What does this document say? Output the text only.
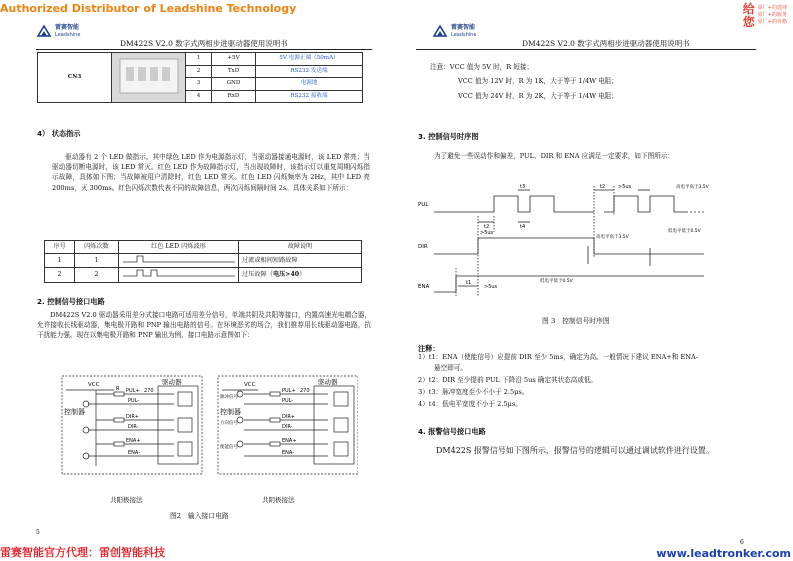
Authorized Distributor of Leadshine Technology
雷赛智能
Leadshine
DM422S V2.0 数字式两相步进驱动器使用说明书
雷赛智能
Leadshine
DM422S V2.0 数字式两相步进驱动器使用说明书
给
您
原厂+的选择
原厂+的服务
原厂+的价格
CN3		1	+5V	5V 电源正端（50mA）
		2	TxD	RS232 发送端
		3	GND	电源地
		4	RxD	RS232 接收端
4） 状态指示
驱动器有 2 个 LED 做指示。其中绿色 LED 作为电源指示灯，当驱动器接通电源时，该 LED 常亮；当驱动器切断电源时，该 LED 常灭。红色 LED 作为故障指示灯，当出现故障时，该指示灯以重复周期闪烁指示故障，具体如下图；当故障被用户清除时，红色 LED 常灭。红色 LED 闪烁频率为 2Hz，其中 LED 亮 200ms，灭 300ms。红色闪烁次数代表不同的故障信息，两次闪烁间隔时间 2s。具体关系如下所示：
序号	闪烁次数	红色 LED 闪烁波形	故障说明
1	1		过流或相间短路故障
2	2		过压故障（电压>40）
2. 控制信号接口电路
DM422S V2.0 驱动器采用差分式接口电路可适用差分信号，单端共阴及共阳等接口，内置高速光电耦合器，允许接收长线驱动器，集电极开路和 PNP 输出电路的信号。在环境恶劣的场合，我们推荐用长线驱动器电路，抗干扰能力强。现在以集电极开路和 PNP 输出为例，接口电路示意图如下：
VCC	驱动器
控制器
R	270
PUL+
PUL-
DIR+
DIR-
ENA+
ENA-
VCC	驱动器
控制器
脉冲信号
方向信号
使能信号
PUL+
PUL-
DIR+
DIR-
ENA+
ENA-
270
共阳极接法	共阴极接法
图2　输入接口电路
5
注意：VCC 值为 5V 时，R 短接；
VCC 值为 12V 时，R 为 1K，大于等于 1/4W 电阻；
VCC 值为 24V 时，R 为 2K，大于等于 1/4W 电阻；
3. 控制信号时序图
为了避免一些误动作和偏差，PUL、DIR 和 ENA 应满足一定要求，如下图所示：
PUL
DIR
ENA
t1
>5us
t2
>5us
t3
t4
t2	>5us	高电平高于3.5V
低电平低于0.5V
高电平高于3.5V
低电平低于0.5V
图 3　控制信号时序图
注释：
1）t1：ENA（使能信号）应提前 DIR 至少 5ms，确定为高。一般情况下建议 ENA+和 ENA-
悬空即可。
2）t2：DIR 至少提前 PUL 下降沿 5us 确定其状态高或低。
3）t3：脉冲宽度至少不小于 2.5μs。
4）t4：低电平宽度不小于 2.5μs。
4. 报警信号接口电路
DM422S 报警信号如下图所示，报警信号的逻辑可以通过调试软件进行设置。
6
雷赛智能官方代理：雷创智能科技	www.leadtronker.com
